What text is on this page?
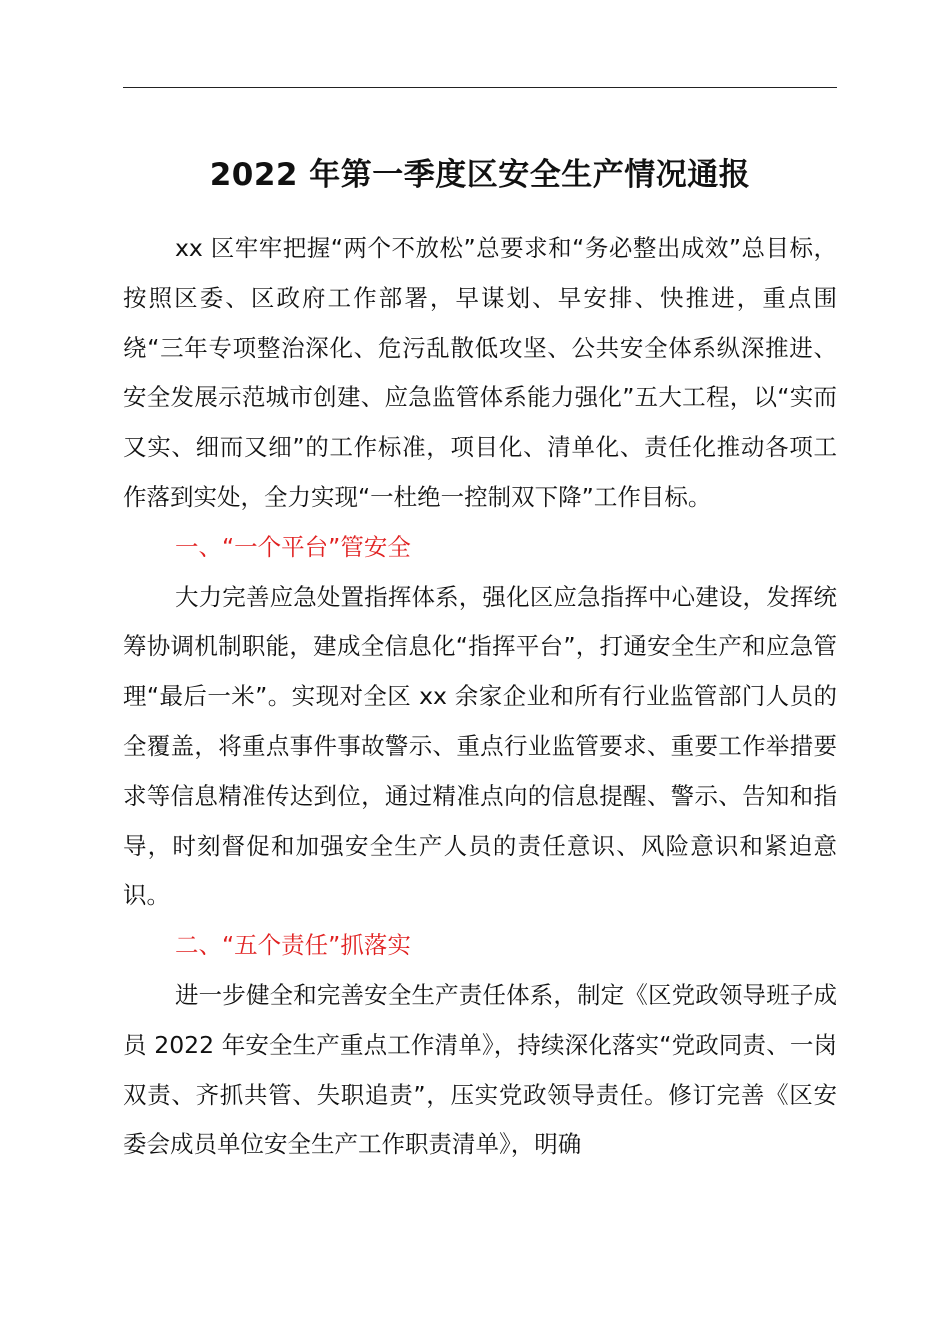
2022 年第一季度区安全生产情况通报

xx 区牢牢把握“两个不放松”总要求和“务必整出成效”总目标，按照区委、区政府工作部署，早谋划、早安排、快推进，重点围绕“三年专项整治深化、危污乱散低攻坚、公共安全体系纵深推进、安全发展示范城市创建、应急监管体系能力强化”五大工程，以“实而又实、细而又细”的工作标准，项目化、清单化、责任化推动各项工作落到实处，全力实现“一杜绝一控制双下降”工作目标。

一、“一个平台”管安全

大力完善应急处置指挥体系，强化区应急指挥中心建设，发挥统筹协调机制职能，建成全信息化“指挥平台”，打通安全生产和应急管理“最后一米”。实现对全区 xx 余家企业和所有行业监管部门人员的全覆盖，将重点事件事故警示、重点行业监管要求、重要工作举措要求等信息精准传达到位，通过精准点向的信息提醒、警示、告知和指导，时刻督促和加强安全生产人员的责任意识、风险意识和紧迫意识。

二、“五个责任”抓落实

进一步健全和完善安全生产责任体系，制定《区党政领导班子成员 2022 年安全生产重点工作清单》，持续深化落实“党政同责、一岗双责、齐抓共管、失职追责”，压实党政领导责任。修订完善《区安委会成员单位安全生产工作职责清单》，明确
